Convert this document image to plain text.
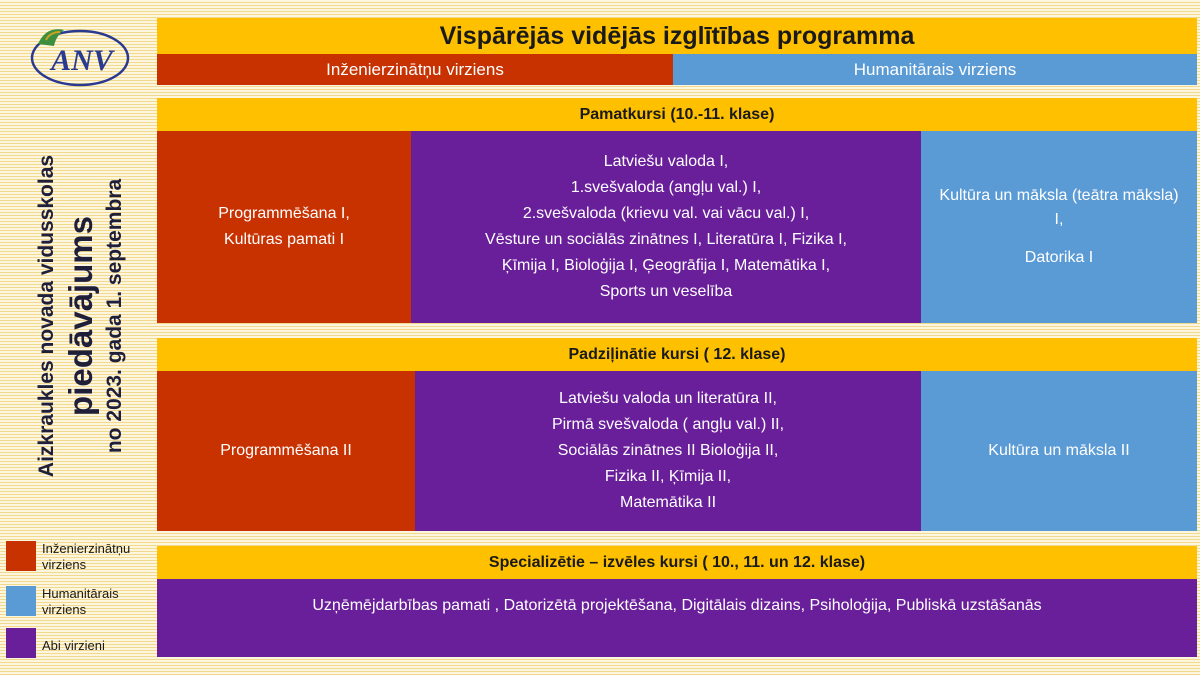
ANV
Aizkraukles novada vidusskolas piedāvājums no 2023. gada 1. septembra
Vispārējās vidējās izglītības programma
Inženierzinātņu virziens	Humanitārais virziens
Pamatkursi (10.-11. klase)
Programmēšana I,
Kultūras pamati I
Latviešu valoda I,
1.svešvaloda (angļu val.) I,
2.svešvaloda (krievu val. vai vācu val.) I,
Vēsture un sociālās zinātnes I, Literatūra I, Fizika I,
Ķīmija I, Bioloģija I, Ģeogrāfija I, Matemātika I,
Sports un veselība
Kultūra un māksla (teātra māksla) I,
Datorika I
Padziļinātie kursi ( 12. klase)
Programmēšana II
Latviešu valoda un literatūra II,
Pirmā svešvaloda ( angļu val.) II,
Sociālās zinātnes II Bioloģija II,
Fizika II, Ķīmija II,
Matemātika II
Kultūra un māksla II
Specializētie – izvēles kursi ( 10., 11. un 12. klase)
Uzņēmējdarbības pamati , Datorizētā projektēšana, Digitālais dizains, Psiholoģija, Publiskā uzstāšanās
Inženierzinātņu
virziens
Humanitārais
virziens
Abi virzieni
